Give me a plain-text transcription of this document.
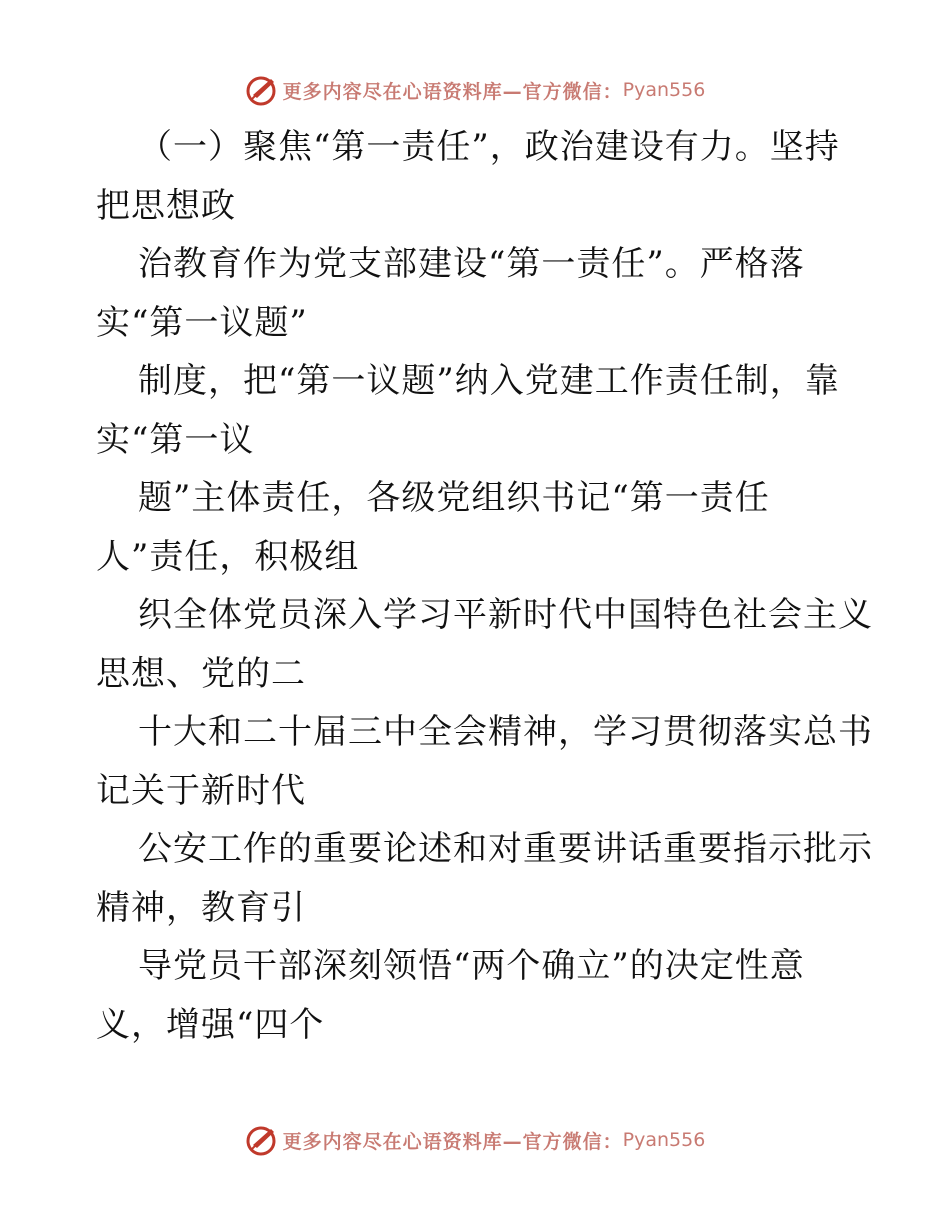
更多内容尽在心语资料库—官方微信： Pyan556
（一）聚焦“第一责任”，政治建设有力。坚持
把思想政
治教育作为党支部建设“第一责任”。严格落
实“第一议题”
制度，把“第一议题”纳入党建工作责任制，靠
实“第一议
题”主体责任，各级党组织书记“第一责任
人”责任，积极组
织全体党员深入学习平新时代中国特色社会主义
思想、党的二
十大和二十届三中全会精神，学习贯彻落实总书
记关于新时代
公安工作的重要论述和对重要讲话重要指示批示
精神，教育引
导党员干部深刻领悟“两个确立”的决定性意
义，增强“四个
更多内容尽在心语资料库—官方微信： Pyan556
